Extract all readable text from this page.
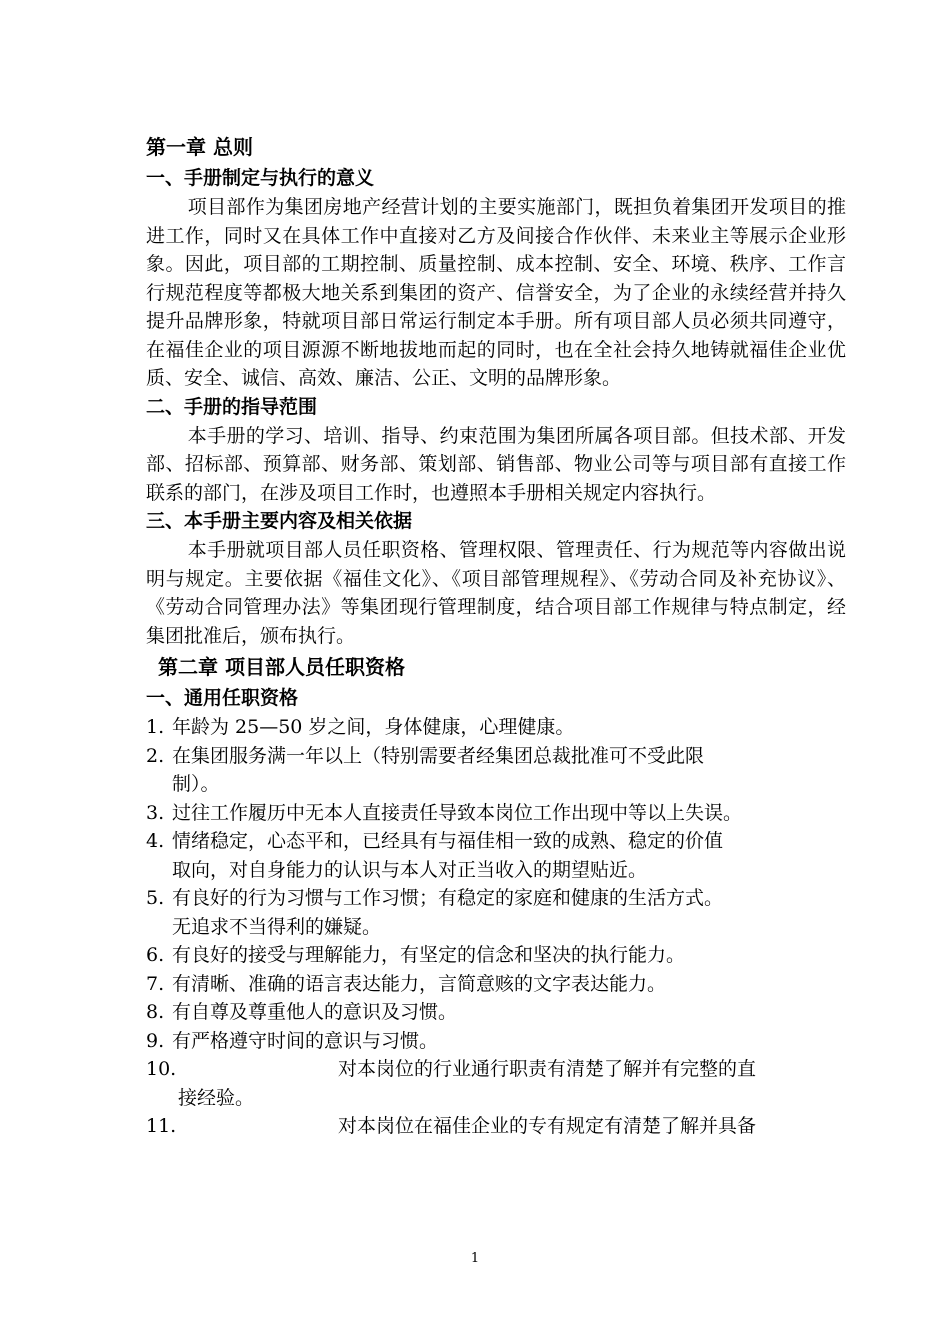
第一章 总则
一、手册制定与执行的意义

项目部作为集团房地产经营计划的主要实施部门，既担负着集团开发项目的推进工作，同时又在具体工作中直接对乙方及间接合作伙伴、未来业主等展示企业形象。因此，项目部的工期控制、质量控制、成本控制、安全、环境、秩序、工作言行规范程度等都极大地关系到集团的资产、信誉安全，为了企业的永续经营并持久提升品牌形象，特就项目部日常运行制定本手册。所有项目部人员必须共同遵守，在福佳企业的项目源源不断地拔地而起的同时，也在全社会持久地铸就福佳企业优质、安全、诚信、高效、廉洁、公正、文明的品牌形象。

二、手册的指导范围

本手册的学习、培训、指导、约束范围为集团所属各项目部。但技术部、开发部、招标部、预算部、财务部、策划部、销售部、物业公司等与项目部有直接工作联系的部门，在涉及项目工作时，也遵照本手册相关规定内容执行。

三、本手册主要内容及相关依据

本手册就项目部人员任职资格、管理权限、管理责任、行为规范等内容做出说明与规定。主要依据《福佳文化》、《项目部管理规程》、《劳动合同及补充协议》、《劳动合同管理办法》等集团现行管理制度，结合项目部工作规律与特点制定，经集团批准后，颁布执行。

第二章 项目部人员任职资格
一、通用任职资格
1. 年龄为 25—50 岁之间，身体健康，心理健康。
2. 在集团服务满一年以上（特别需要者经集团总裁批准可不受此限
制）。
3. 过往工作履历中无本人直接责任导致本岗位工作出现中等以上失误。
4. 情绪稳定，心态平和，已经具有与福佳相一致的成熟、稳定的价值
取向，对自身能力的认识与本人对正当收入的期望贴近。
5. 有良好的行为习惯与工作习惯；有稳定的家庭和健康的生活方式。
无追求不当得利的嫌疑。
6. 有良好的接受与理解能力，有坚定的信念和坚决的执行能力。
7. 有清晰、准确的语言表达能力，言简意赅的文字表达能力。
8. 有自尊及尊重他人的意识及习惯。
9. 有严格遵守时间的意识与习惯。
10.	对本岗位的行业通行职责有清楚了解并有完整的直
接经验。
11.	对本岗位在福佳企业的专有规定有清楚了解并具备
1
